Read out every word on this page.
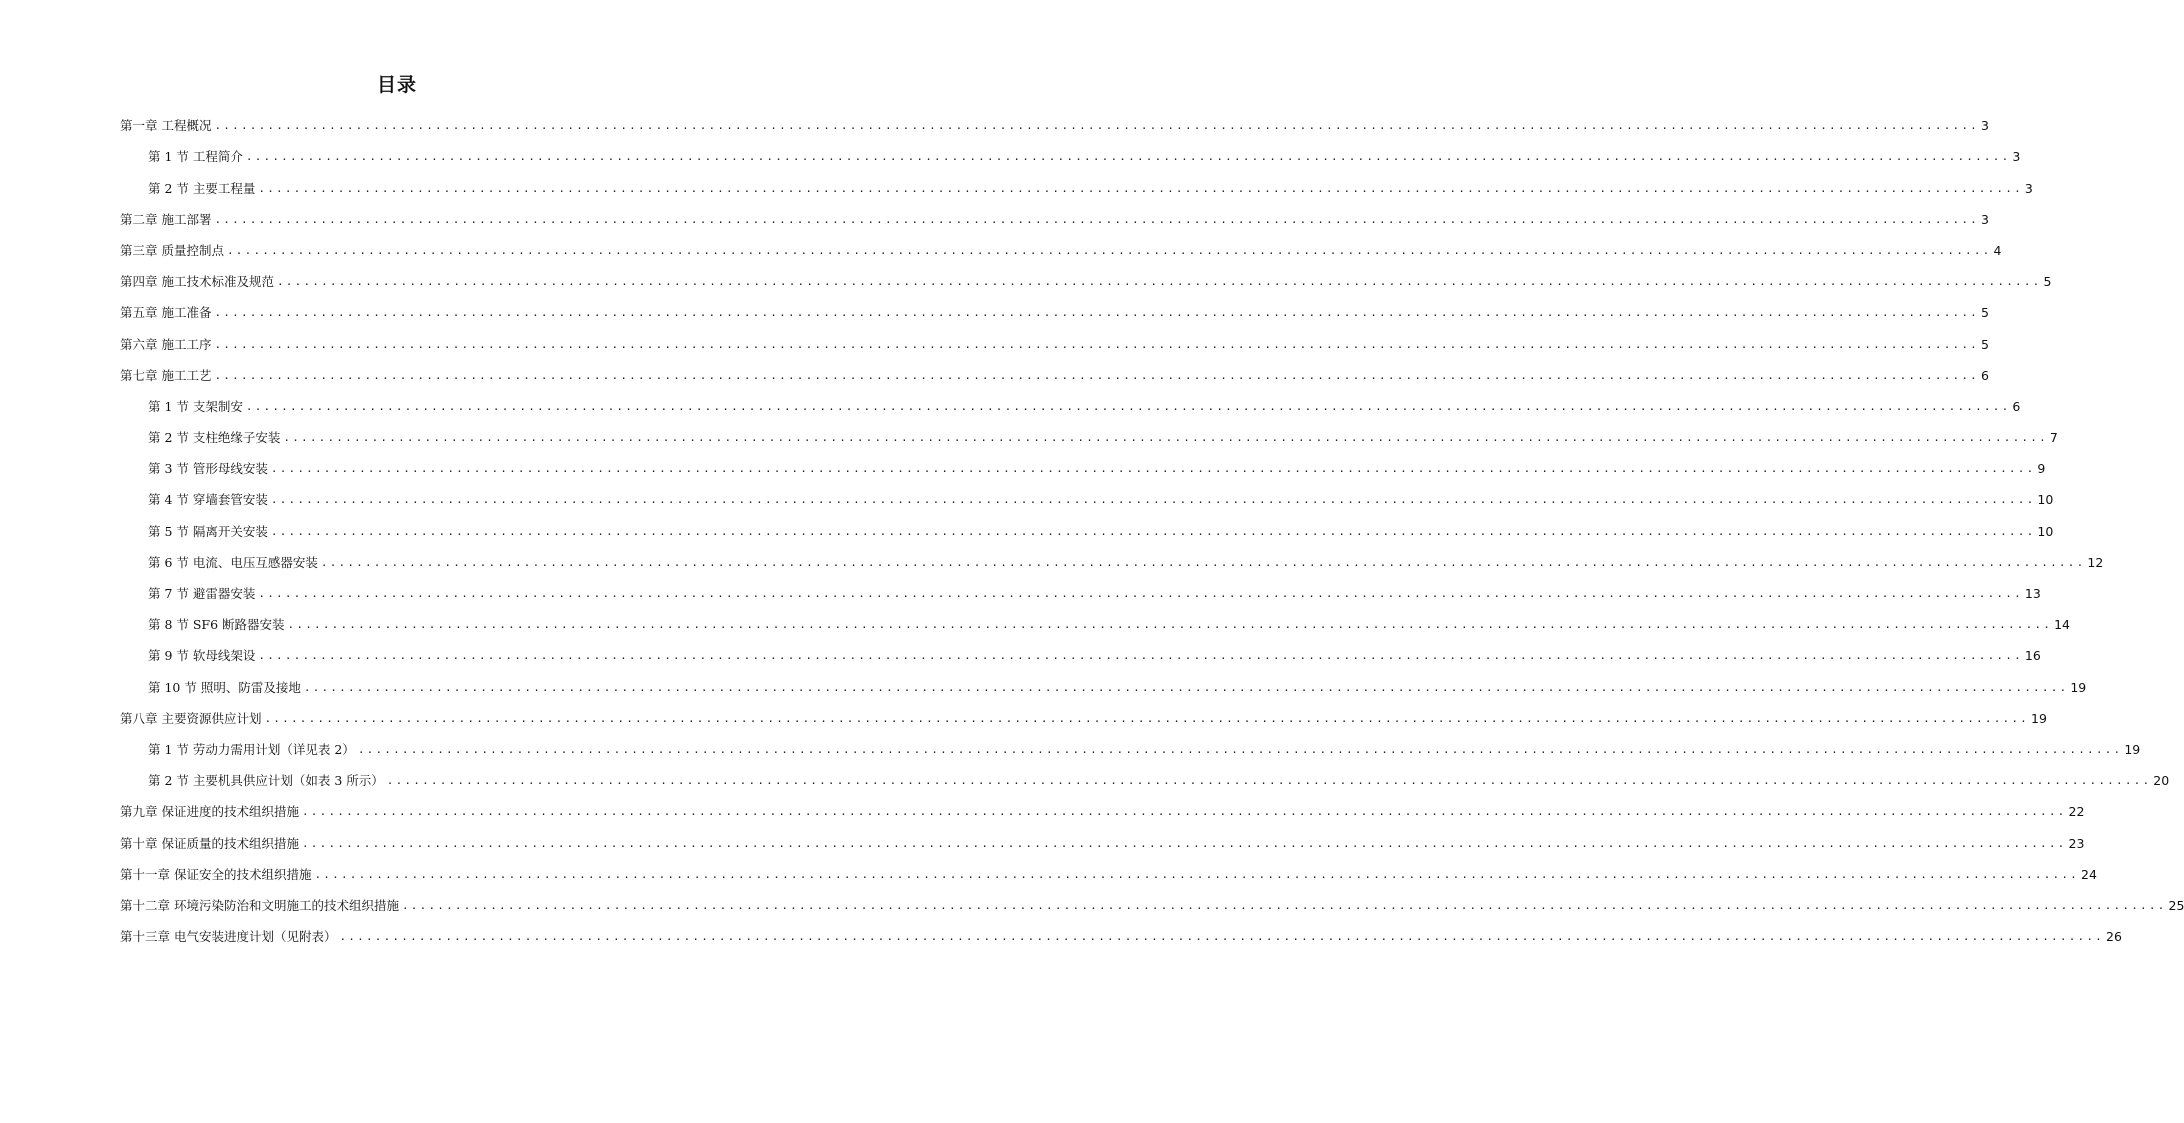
目录
第一章 工程概况 ........................................................................................................................................................................................................ 3
第 1 节 工程简介 ........................................................................................................................................................................................................ 3
第 2 节 主要工程量 ........................................................................................................................................................................................................ 3
第二章 施工部署 ........................................................................................................................................................................................................ 3
第三章 质量控制点 ........................................................................................................................................................................................................ 4
第四章 施工技术标准及规范 ........................................................................................................................................................................................................ 5
第五章 施工准备 ........................................................................................................................................................................................................ 5
第六章 施工工序 ........................................................................................................................................................................................................ 5
第七章 施工工艺 ........................................................................................................................................................................................................ 6
第 1 节 支架制安 ........................................................................................................................................................................................................ 6
第 2 节 支柱绝缘子安装 ........................................................................................................................................................................................................ 7
第 3 节 管形母线安装 ........................................................................................................................................................................................................ 9
第 4 节 穿墙套管安装 ........................................................................................................................................................................................................ 10
第 5 节 隔离开关安装 ........................................................................................................................................................................................................ 10
第 6 节 电流、电压互感器安装 ........................................................................................................................................................................................................ 12
第 7 节 避雷器安装 ........................................................................................................................................................................................................ 13
第 8 节 SF6 断路器安装 ........................................................................................................................................................................................................ 14
第 9 节 软母线架设 ........................................................................................................................................................................................................ 16
第 10 节 照明、防雷及接地 ........................................................................................................................................................................................................ 19
第八章 主要资源供应计划 ........................................................................................................................................................................................................ 19
第 1 节 劳动力需用计划（详见表 2） ........................................................................................................................................................................................................ 19
第 2 节 主要机具供应计划（如表 3 所示） ........................................................................................................................................................................................................ 20
第九章 保证进度的技术组织措施 ........................................................................................................................................................................................................ 22
第十章 保证质量的技术组织措施 ........................................................................................................................................................................................................ 23
第十一章 保证安全的技术组织措施 ........................................................................................................................................................................................................ 24
第十二章 环境污染防治和文明施工的技术组织措施 ........................................................................................................................................................................................................ 25
第十三章 电气安装进度计划（见附表） ........................................................................................................................................................................................................ 26
